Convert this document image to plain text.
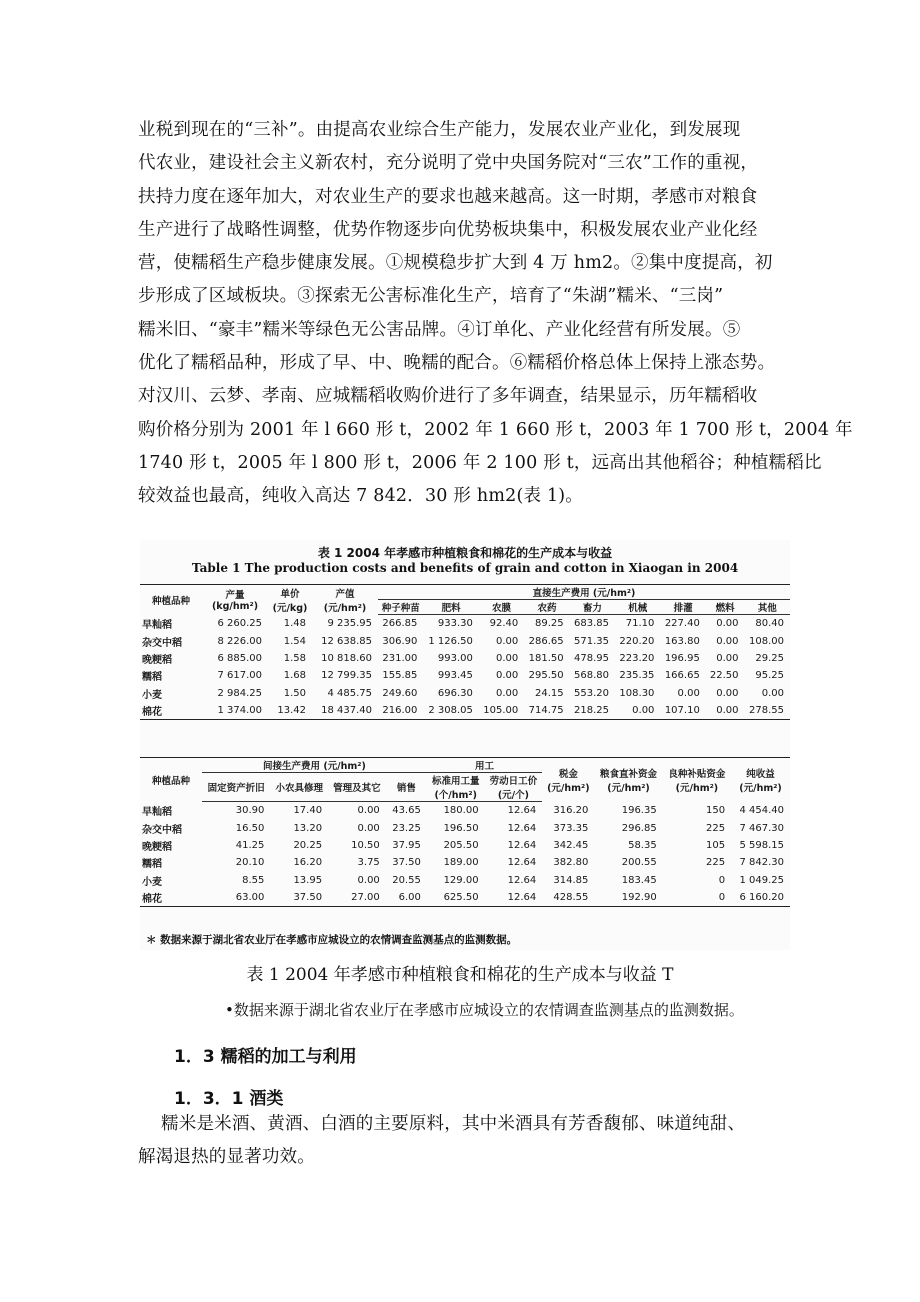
业税到现在的“三补”。由提高农业综合生产能力，发展农业产业化，到发展现
代农业，建设社会主义新农村，充分说明了党中央国务院对“三农”工作的重视，
扶持力度在逐年加大，对农业生产的要求也越来越高。这一时期，孝感市对粮食
生产进行了战略性调整，优势作物逐步向优势板块集中，积极发展农业产业化经
营，使糯稻生产稳步健康发展。①规模稳步扩大到 4 万 hm2。②集中度提高，初
步形成了区域板块。③探索无公害标准化生产，培育了“朱湖”糯米、“三岗”
糯米旧、“豪丰”糯米等绿色无公害品牌。④订单化、产业化经营有所发展。⑤
优化了糯稻品种，形成了早、中、晚糯的配合。⑥糯稻价格总体上保持上涨态势。
对汉川、云梦、孝南、应城糯稻收购价进行了多年调查，结果显示，历年糯稻收
购价格分别为 2001 年 l 660 形 t，2002 年 1 660 形 t，2003 年 1 700 形 t，2004 年
1740 形 t，2005 年 l 800 形 t，2006 年 2 100 形 t，远高出其他稻谷；种植糯稻比
较效益也最高，纯收入高达 7 842．30 形 hm2(表 1)。
表 1 2004 年孝感市种植粮食和棉花的生产成本与收益
Table 1 The production costs and benefits of grain and cotton in Xiaogan in 2004
种植品种	产量
(kg/hm²)	单价
(元/kg)	产值
(元/hm²)	直接生产费用 (元/hm²)								
				种子种苗	肥料	农膜	农药	畜力	机械	排灌	燃料	其他
早籼稻	6 260.25	1.48	9 235.95	266.85	933.30	92.40	89.25	683.85	71.10	227.40	0.00	80.40
杂交中稻	8 226.00	1.54	12 638.85	306.90	1 126.50	0.00	286.65	571.35	220.20	163.80	0.00	108.00
晚粳稻	6 885.00	1.58	10 818.60	231.00	993.00	0.00	181.50	478.95	223.20	196.95	0.00	29.25
糯稻	7 617.00	1.68	12 799.35	155.85	993.45	0.00	295.50	568.80	235.35	166.65	22.50	95.25
小麦	2 984.25	1.50	4 485.75	249.60	696.30	0.00	24.15	553.20	108.30	0.00	0.00	0.00
棉花	1 374.00	13.42	18 437.40	216.00	2 308.05	105.00	714.75	218.25	0.00	107.10	0.00	278.55
种植品种	间接生产费用 (元/hm²)				用工		税金
(元/hm²)	粮食直补资金
(元/hm²)	良种补贴资金
(元/hm²)	纯收益
(元/hm²)
	固定资产折旧	小农具修理	管理及其它	销售	标准用工量
(个/hm²)	劳动日工价
(元/个)				
早籼稻	30.90	17.40	0.00	43.65	180.00	12.64	316.20	196.35	150	4 454.40
杂交中稻	16.50	13.20	0.00	23.25	196.50	12.64	373.35	296.85	225	7 467.30
晚粳稻	41.25	20.25	10.50	37.95	205.50	12.64	342.45	58.35	105	5 598.15
糯稻	20.10	16.20	3.75	37.50	189.00	12.64	382.80	200.55	225	7 842.30
小麦	8.55	13.95	0.00	20.55	129.00	12.64	314.85	183.45	0	1 049.25
棉花	63.00	37.50	27.00	6.00	625.50	12.64	428.55	192.90	0	6 160.20
＊ 数据来源于湖北省农业厅在孝感市应城设立的农情调查监测基点的监测数据。
表 1 2004 年孝感市种植粮食和棉花的生产成本与收益 T
•数据来源于湖北省农业厅在孝感市应城设立的农情调查监测基点的监测数据。
1．3 糯稻的加工与利用
1．3．1 酒类
糯米是米酒、黄酒、白酒的主要原料，其中米酒具有芳香馥郁、味道纯甜、
解渴退热的显著功效。
